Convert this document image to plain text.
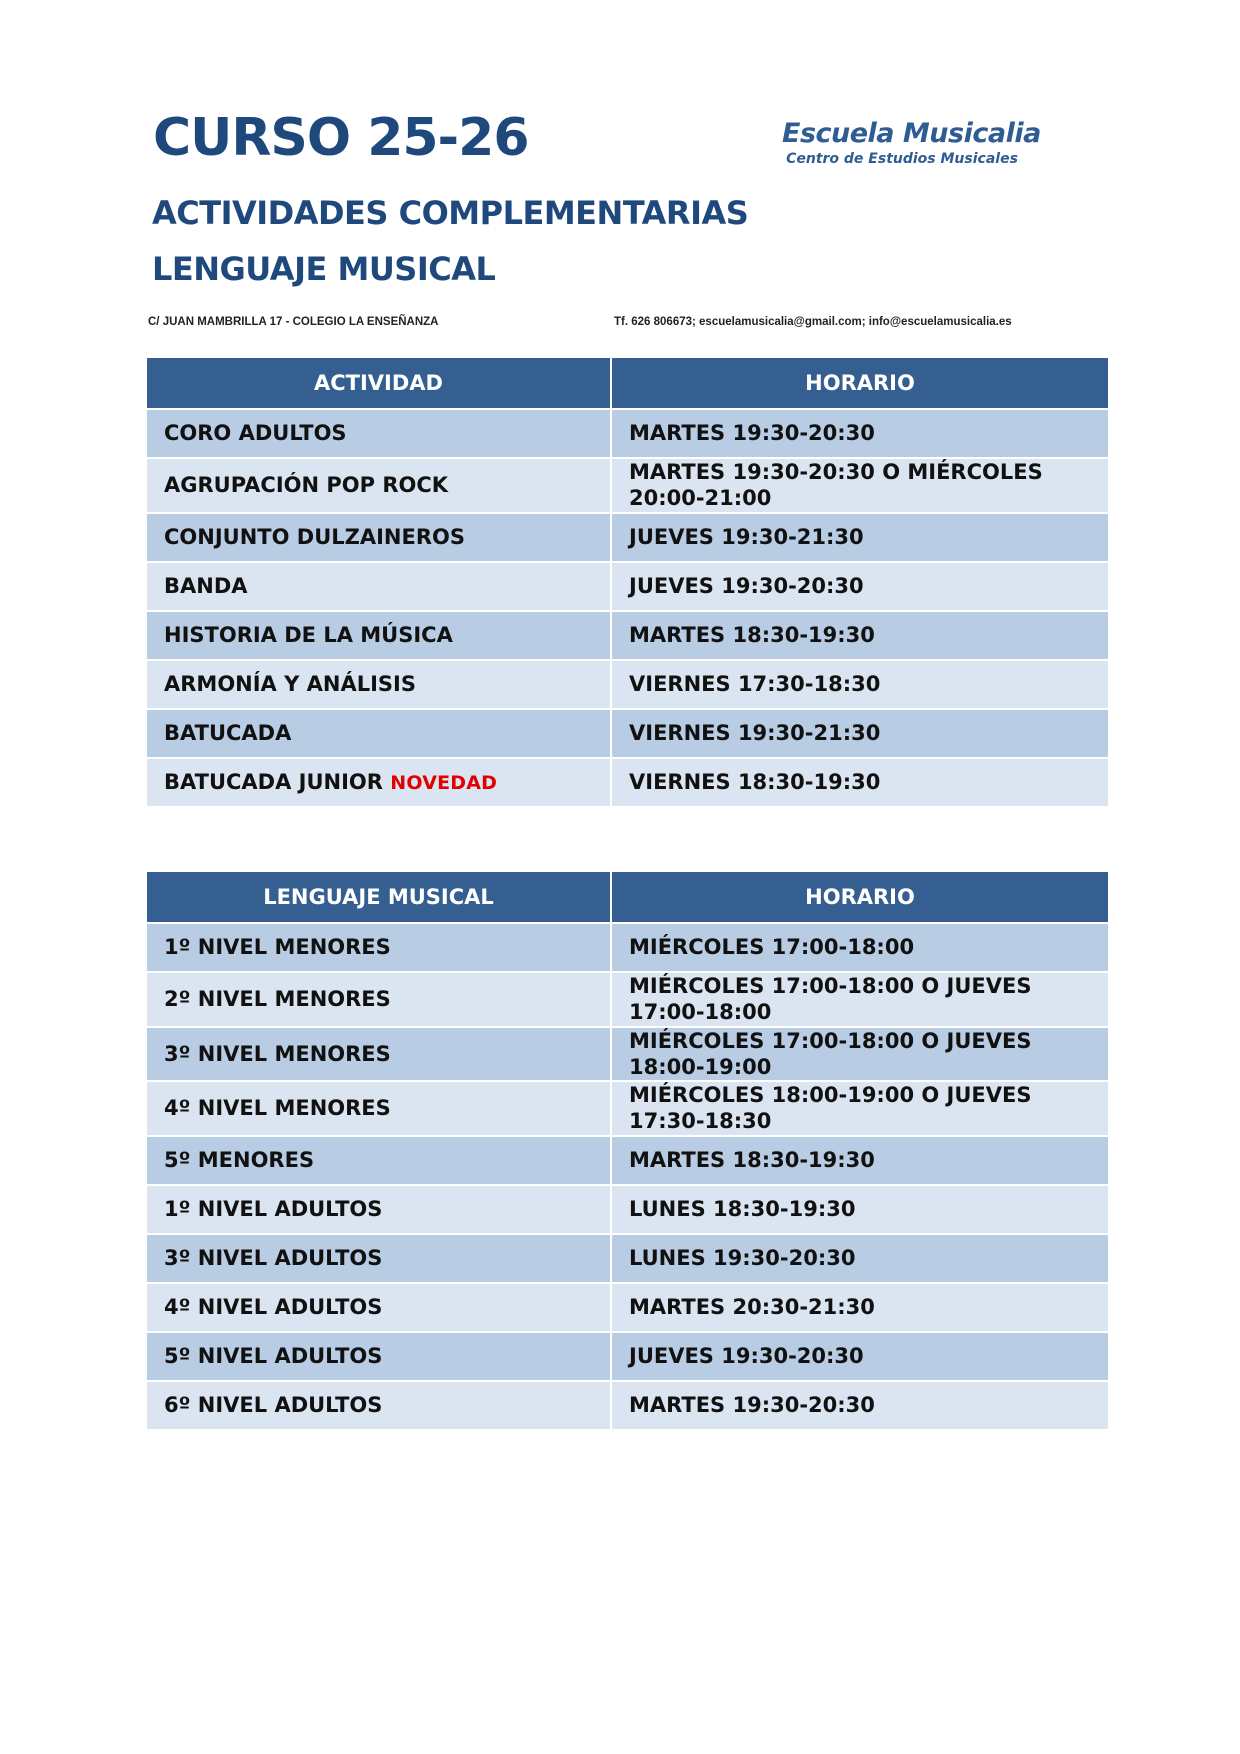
CURSO 25-26
ACTIVIDADES COMPLEMENTARIAS
LENGUAJE MUSICAL
Escuela Musicalia
Centro de Estudios Musicales
C/ JUAN MAMBRILLA 17 - COLEGIO LA ENSEÑANZA	Tf. 626 806673; escuelamusicalia@gmail.com; info@escuelamusicalia.es
ACTIVIDAD	HORARIO
CORO ADULTOS	MARTES 19:30-20:30
AGRUPACIÓN POP ROCK	MARTES 19:30-20:30 O MIÉRCOLES 20:00-21:00
CONJUNTO DULZAINEROS	JUEVES 19:30-21:30
BANDA	JUEVES 19:30-20:30
HISTORIA DE LA MÚSICA	MARTES 18:30-19:30
ARMONÍA Y ANÁLISIS	VIERNES 17:30-18:30
BATUCADA	VIERNES 19:30-21:30
BATUCADA JUNIOR NOVEDAD	VIERNES 18:30-19:30
LENGUAJE MUSICAL	HORARIO
1º NIVEL MENORES	MIÉRCOLES 17:00-18:00
2º NIVEL MENORES	MIÉRCOLES 17:00-18:00 O JUEVES 17:00-18:00
3º NIVEL MENORES	MIÉRCOLES 17:00-18:00 O JUEVES 18:00-19:00
4º NIVEL MENORES	MIÉRCOLES 18:00-19:00 O JUEVES 17:30-18:30
5º MENORES	MARTES 18:30-19:30
1º NIVEL ADULTOS	LUNES 18:30-19:30
3º NIVEL ADULTOS	LUNES 19:30-20:30
4º NIVEL ADULTOS	MARTES 20:30-21:30
5º NIVEL ADULTOS	JUEVES 19:30-20:30
6º NIVEL ADULTOS	MARTES 19:30-20:30
